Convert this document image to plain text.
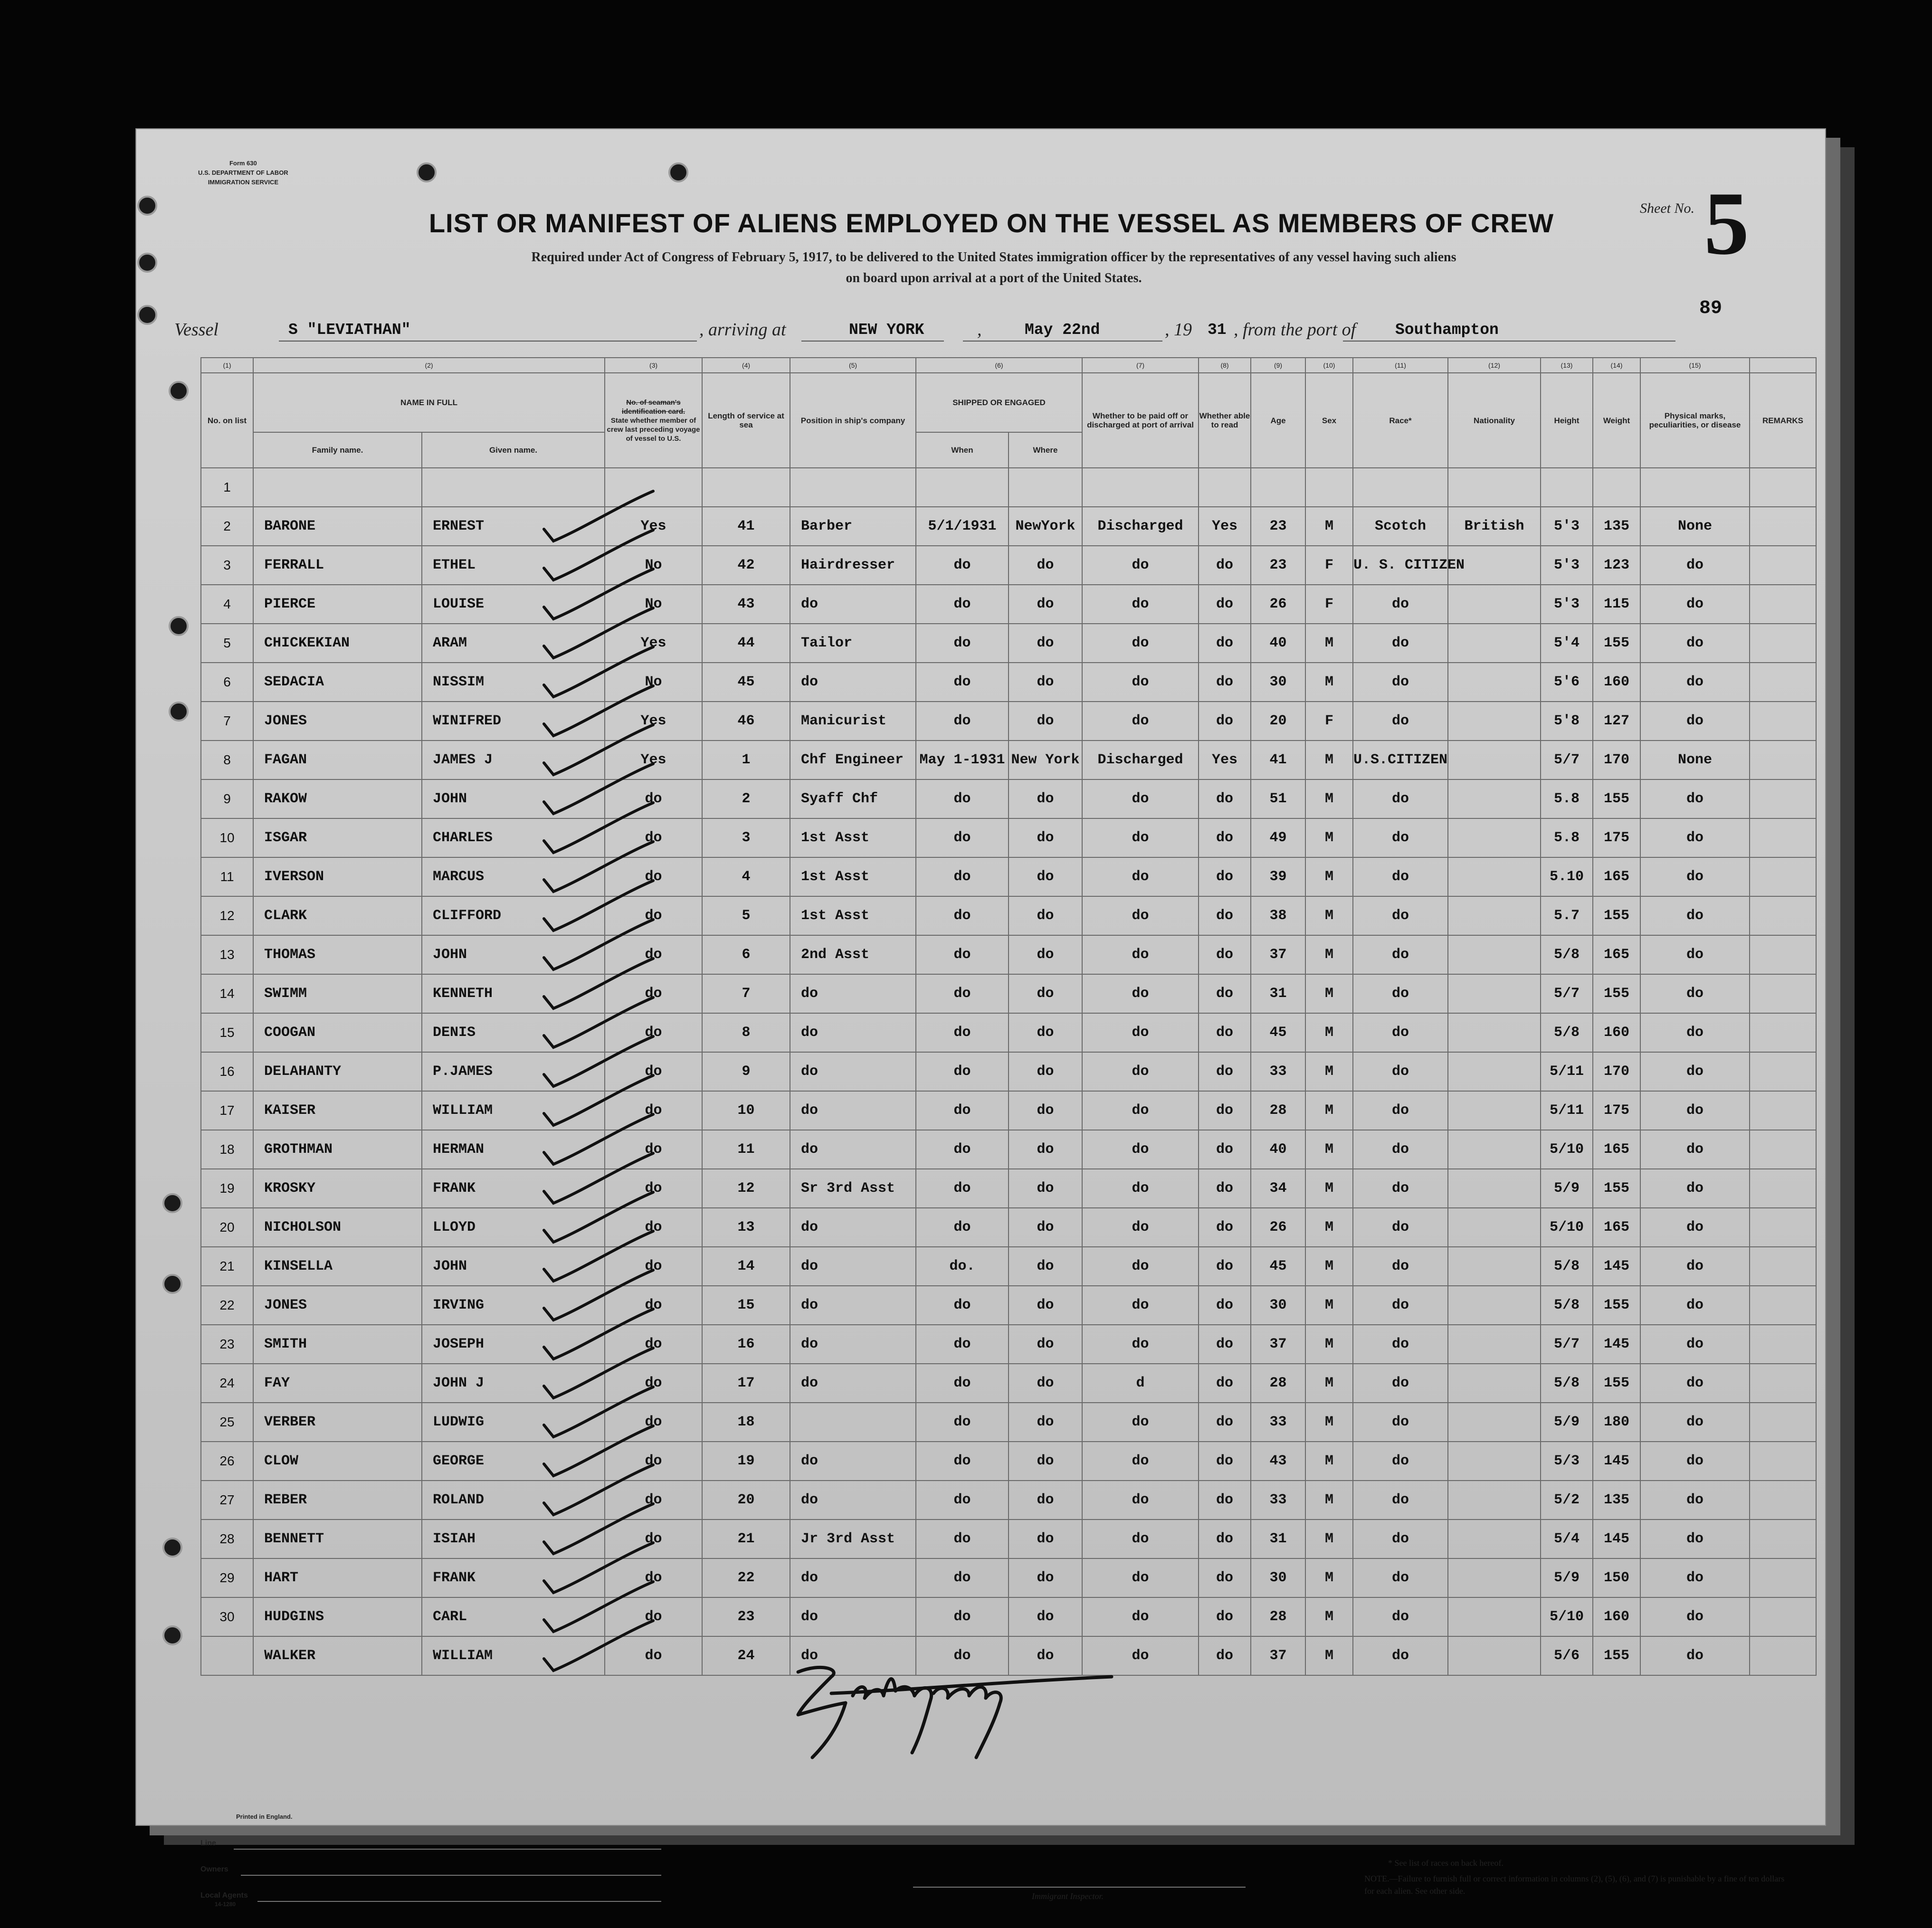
Form 630
U.S. DEPARTMENT OF LABOR
IMMIGRATION SERVICE
LIST OR MANIFEST OF ALIENS EMPLOYED ON THE VESSEL AS MEMBERS OF CREW
Required under Act of Congress of February 5, 1917, to be delivered to the United States immigration officer by the representatives of any vessel having such aliens
on board upon arrival at a port of the United States.
Sheet No. 5
89
Vessel	S "LEVIATHAN"	, arriving at	NEW YORK	,	May 22nd	, 19 31 , from the port of	Southampton
(1)	(2)		(3)	(4)	(5)	(6)		(7)	(8)	(9)	(10)	(11)	(12)	(13)	(14)	(15)	
No. on list	NAME IN FULL		No. of seaman's identification card.
State whether member of crew last preceding voyage of vessel to U.S.	Length of service at sea	Position in ship's company	SHIPPED OR ENGAGED		Whether to be paid off or discharged at port of arrival	Whether able to read	Age	Sex	Race*	Nationality	Height	Weight	Physical marks, peculiarities, or disease	REMARKS
	Family name.	Given name.				When	Where										
1																	
2	BARONE	ERNEST	Yes	41	Barber	5/1/1931	NewYork	Discharged	Yes	23	M	Scotch	British	5'3	135	None	
3	FERRALL	ETHEL	No	42	Hairdresser	do	do	do	do	23	F	U. S. CITIZEN		5'3	123	do	
4	PIERCE	LOUISE	No	43	do	do	do	do	do	26	F	do		5'3	115	do	
5	CHICKEKIAN	ARAM	Yes	44	Tailor	do	do	do	do	40	M	do		5'4	155	do	
6	SEDACIA	NISSIM	No	45	do	do	do	do	do	30	M	do		5'6	160	do	
7	JONES	WINIFRED	Yes	46	Manicurist	do	do	do	do	20	F	do		5'8	127	do	
8	FAGAN	JAMES J	Yes	1	Chf Engineer	May 1-1931	New York	Discharged	Yes	41	M	U.S.CITIZEN		5/7	170	None	
9	RAKOW	JOHN	do	2	Syaff Chf	do	do	do	do	51	M	do		5.8	155	do	
10	ISGAR	CHARLES	do	3	1st Asst	do	do	do	do	49	M	do		5.8	175	do	
11	IVERSON	MARCUS	do	4	1st Asst	do	do	do	do	39	M	do		5.10	165	do	
12	CLARK	CLIFFORD	do	5	1st Asst	do	do	do	do	38	M	do		5.7	155	do	
13	THOMAS	JOHN	do	6	2nd Asst	do	do	do	do	37	M	do		5/8	165	do	
14	SWIMM	KENNETH	do	7	do	do	do	do	do	31	M	do		5/7	155	do	
15	COOGAN	DENIS	do	8	do	do	do	do	do	45	M	do		5/8	160	do	
16	DELAHANTY	P.JAMES	do	9	do	do	do	do	do	33	M	do		5/11	170	do	
17	KAISER	WILLIAM	do	10	do	do	do	do	do	28	M	do		5/11	175	do	
18	GROTHMAN	HERMAN	do	11	do	do	do	do	do	40	M	do		5/10	165	do	
19	KROSKY	FRANK	do	12	Sr 3rd Asst	do	do	do	do	34	M	do		5/9	155	do	
20	NICHOLSON	LLOYD	do	13	do	do	do	do	do	26	M	do		5/10	165	do	
21	KINSELLA	JOHN	do	14	do	do.	do	do	do	45	M	do		5/8	145	do	
22	JONES	IRVING	do	15	do	do	do	do	do	30	M	do		5/8	155	do	
23	SMITH	JOSEPH	do	16	do	do	do	do	do	37	M	do		5/7	145	do	
24	FAY	JOHN J	do	17	do	do	do	d	do	28	M	do		5/8	155	do	
25	VERBER	LUDWIG	do	18		do	do	do	do	33	M	do		5/9	180	do	
26	CLOW	GEORGE	do	19	do	do	do	do	do	43	M	do		5/3	145	do	
27	REBER	ROLAND	do	20	do	do	do	do	do	33	M	do		5/2	135	do	
28	BENNETT	ISIAH	do	21	Jr 3rd Asst	do	do	do	do	31	M	do		5/4	145	do	
29	HART	FRANK	do	22	do	do	do	do	do	30	M	do		5/9	150	do	
30	HUDGINS	CARL	do	23	do	do	do	do	do	28	M	do		5/10	160	do	
	WALKER	WILLIAM	do	24	do	do	do	do	do	37	M	do		5/6	155	do	
Printed in England.
Line
Owners
Local Agents
14-1280
Immigrant Inspector.
* See list of races on back hereof.
NOTE.—Failure to furnish full or correct information in columns (2), (5), (6), and (7) is punishable by a fine of ten dollars for each alien. See other side.
